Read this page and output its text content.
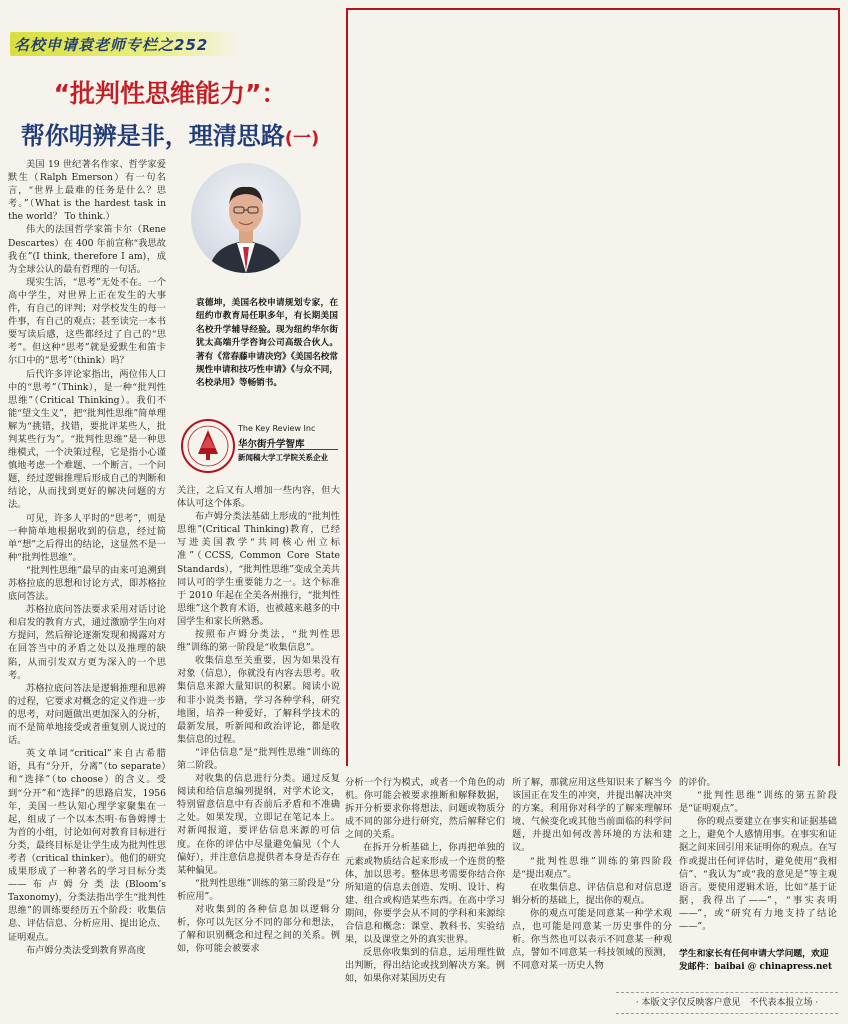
名校申请袁老师专栏之252
“批判性思维能力”：
帮你明辨是非，理清思路(一)
袁德坤，美国名校申请规划专家，在纽约市教育局任职多年，有长期美国名校升学辅导经验。现为纽约华尔街犹太高端升学咨询公司高级合伙人。著有《常春藤申请决窍》《美国名校常规性申请和技巧性申请》《与众不同，名校录用》等畅销书。
The Key Review Inc
华尔街升学智库
新闻稿大学工学院关系企业

美国 19 世纪著名作家、哲学家爱默生（Ralph Emerson）有一句名言，“世界上最难的任务是什么？思考。”（What is the hardest task in the world？ To think.）

伟大的法国哲学家笛卡尔（Rene Descartes）在 400 年前宣称“我思故我在”(I think, therefore I am)，成为全球公认的最有哲理的一句话。

现实生活，“思考”无处不在。一个高中学生，对世界上正在发生的大事件，有自己的评判；对学校发生的每一件事，有自己的观点；甚至读完一本书要写读后感，这些都经过了自己的“思考”。但这种“思考”就是爱默生和笛卡尔口中的“思考”（think）吗？

后代许多评论家指出，两位伟人口中的“思考”（Think），是一种“批判性思维”（Critical Thinking）。我们不能“望文生义”，把“批判性思维”简单理解为“挑错，找错，要批评某些人，批判某些行为”。“批判性思维”是一种思维模式，一个决策过程，它是指小心谨慎地考虑一个难题、一个断言、一个问题，经过逻辑推理后形成自己的判断和结论，从而找到更好的解决问题的方法。

可见，许多人平时的“思考”，则是一种简单地根据收到的信息，经过简单“想”之后得出的结论，这显然不是一种“批判性思维”。

“批判性思维”最早的由来可追溯到苏格拉底的思想和讨论方式，即苏格拉底问答法。

苏格拉底问答法要求采用对话讨论和启发的教育方式，通过激励学生向对方提问，然后辩论逐渐发现和揭露对方在回答当中的矛盾之处以及推理的缺陷，从而引发双方更为深入的一个思考。

苏格拉底问答法是逻辑推理和思辨的过程，它要求对概念的定义作进一步的思考，对问题做出更加深入的分析，而不是简单地接受或者重复别人说过的话。

英文单词“critical”来自古希腊语，具有“分开，分离”（to separate）和“选择”（to choose）的含义。受到“分开”和“选择”的思路启发，1956 年，美国一些认知心理学家聚集在一起，组成了一个以本杰明·布鲁姆博士为首的小组，讨论如何对教育目标进行分类，最终目标是让学生成为批判性思考者（critical thinker）。他们的研究成果形成了一种著名的学习目标分类——布卢姆分类法(Bloom’s Taxonomy)，分类法指出学生“批判性思维”的训练要经历五个阶段：收集信息、评估信息、分析应用、提出论点、证明观点。

布卢姆分类法受到教育界高度

关注，之后又有人增加一些内容，但大体认可这个体系。

布卢姆分类法基础上形成的“批判性思维”(Critical Thinking)教育，已经写进美国教学“共同核心州立标准”（CCSS, Common Core State Standards），“批判性思维”变成全美共同认可的学生重要能力之一。这个标准于 2010 年起在全美各州推行，“批判性思维”这个教育术语，也被越来越多的中国学生和家长所熟悉。

按照布卢姆分类法，“批判性思维”训练的第一阶段是“收集信息”。

收集信息至关重要，因为如果没有对象（信息），你就没有内容去思考。收集信息来源大量知识的积累。阅读小说和非小说类书籍，学习各种学科，研究地图，培养一种爱好，了解科学技术的最新发展，听新闻和政治评论，都是收集信息的过程。

“评估信息”是“批判性思维”训练的第二阶段。

对收集的信息进行分类。通过反复阅读和给信息编列提纲，对学术论文，特别留意信息中有否前后矛盾和不准确之处。如果发现，立即记在笔记本上。对新闻报道，要评估信息来源的可信度。在你的评估中尽量避免偏见（个人偏好），并注意信息提供者本身是否存在某种偏见。

“批判性思维”训练的第三阶段是“分析应用”。

对收集到的各种信息加以逻辑分析，你可以先区分不同的部分和想法，了解和识别概念和过程之间的关系。例如，你可能会被要求

分析一个行为模式，或者一个角色的动机。你可能会被要求推断和解释数据，拆开分析要求你将想法、问题或物质分成不同的部分进行研究，然后解释它们之间的关系。

在拆开分析基础上，你再把单独的元素或物质结合起来形成一个连贯的整体，加以思考。整体思考需要你结合你所知道的信息去创造、发明、设计、构建、组合或构造某些东西。在高中学习期间，你要学会从不同的学科和来源综合信息和概念：课堂、教科书、实验结果，以及课堂之外的真实世界。

反思你收集到的信息，运用理性做出判断，得出结论或找到解决方案。例如，如果你对某国历史有

所了解，那就应用这些知识来了解当今该国正在发生的冲突，并提出解决冲突的方案。利用你对科学的了解来理解环境、气候变化或其他当前面临的科学问题，并提出如何改善环境的方法和建议。

“批判性思维”训练的第四阶段是“提出观点”。

在收集信息、评估信息和对信息逻辑分析的基础上，提出你的观点。

你的观点可能是同意某一种学术观点，也可能是同意某一历史事件的分析。你当然也可以表示不同意某一种观点，譬如不同意某一科技领域的预测，不同意对某一历史人物

的评价。

“批判性思维”训练的第五阶段是“证明观点”。

你的观点要建立在事实和证据基础之上，避免个人感情用事。在事实和证据之间来回引用来证明你的观点。在写作或提出任何评估时，避免使用“我相信”、“我认为”或“我的意见是”等主观语言。要使用逻辑术语，比如“基于证据，我得出了——”，“事实表明——”，或“研究有力地支持了结论——”。

学生和家长有任何申请大学问题，欢迎发邮件：baibai @ chinapress.net
· 本版文字仅反映客户意见　不代表本报立场 ·
